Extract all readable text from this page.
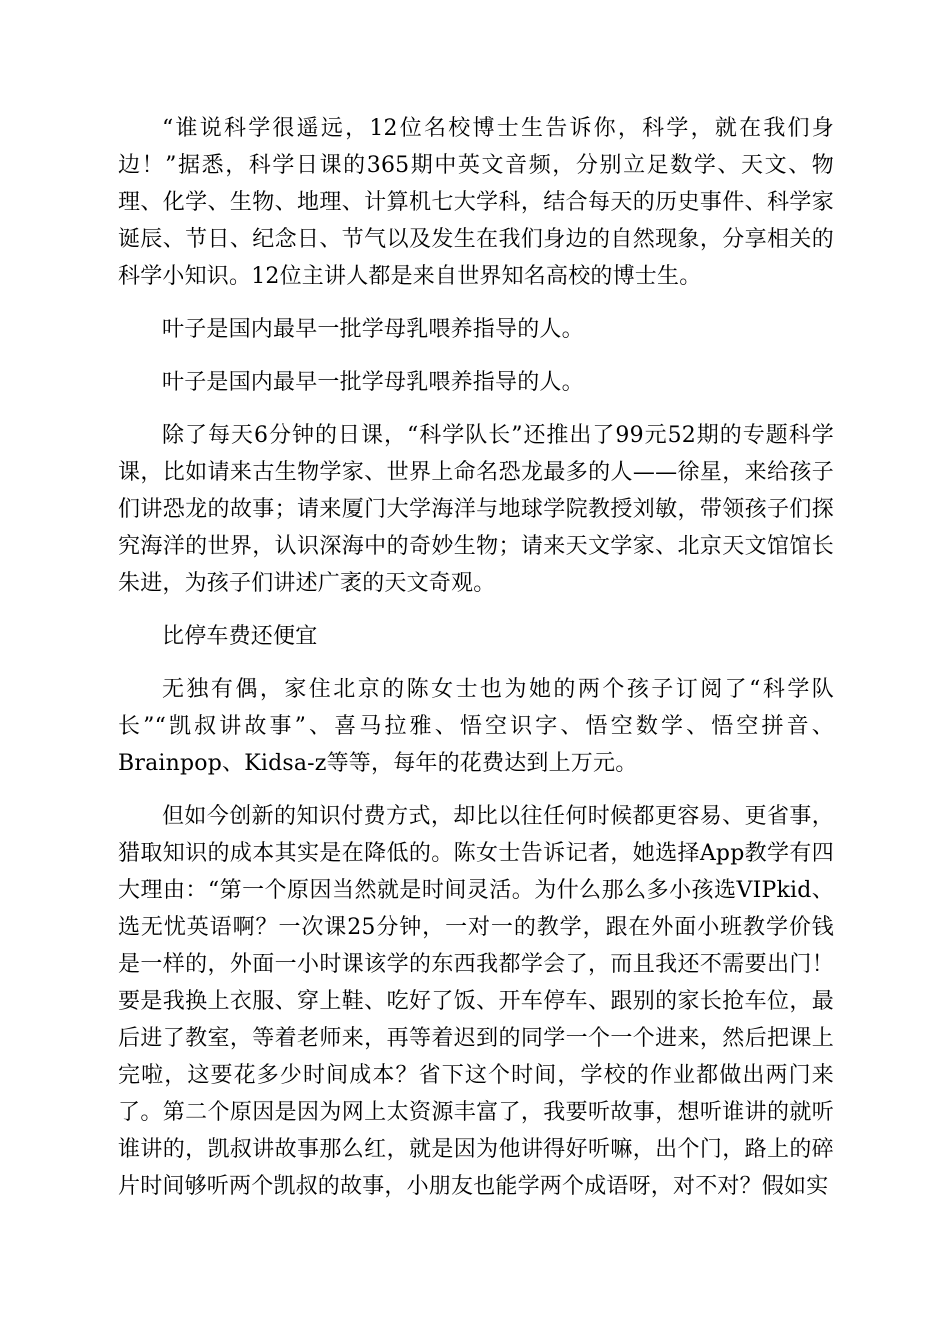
“谁说科学很遥远，12位名校博士生告诉你，科学，就在我们身边！”据悉，科学日课的365期中英文音频，分别立足数学、天文、物理、化学、生物、地理、计算机七大学科，结合每天的历史事件、科学家诞辰、节日、纪念日、节气以及发生在我们身边的自然现象，分享相关的科学小知识。12位主讲人都是来自世界知名高校的博士生。

叶子是国内最早一批学母乳喂养指导的人。

叶子是国内最早一批学母乳喂养指导的人。

除了每天6分钟的日课，“科学队长”还推出了99元52期的专题科学课，比如请来古生物学家、世界上命名恐龙最多的人——徐星，来给孩子们讲恐龙的故事；请来厦门大学海洋与地球学院教授刘敏，带领孩子们探究海洋的世界，认识深海中的奇妙生物；请来天文学家、北京天文馆馆长朱进，为孩子们讲述广袤的天文奇观。

比停车费还便宜

无独有偶，家住北京的陈女士也为她的两个孩子订阅了“科学队长”“凯叔讲故事”、喜马拉雅、悟空识字、悟空数学、悟空拼音、Brainpop、Kidsa-z等等，每年的花费达到上万元。

但如今创新的知识付费方式，却比以往任何时候都更容易、更省事，猎取知识的成本其实是在降低的。陈女士告诉记者，她选择App教学有四大理由：“第一个原因当然就是时间灵活。为什么那么多小孩选VIPkid、选无忧英语啊？一次课25分钟，一对一的教学，跟在外面小班教学价钱是一样的，外面一小时课该学的东西我都学会了，而且我还不需要出门！要是我换上衣服、穿上鞋、吃好了饭、开车停车、跟别的家长抢车位，最后进了教室，等着老师来，再等着迟到的同学一个一个进来，然后把课上完啦，这要花多少时间成本？省下这个时间，学校的作业都做出两门来了。第二个原因是因为网上太资源丰富了，我要听故事，想听谁讲的就听谁讲的，凯叔讲故事那么红，就是因为他讲得好听嘛，出个门，路上的碎片时间够听两个凯叔的故事，小朋友也能学两个成语呀，对不对？假如实
